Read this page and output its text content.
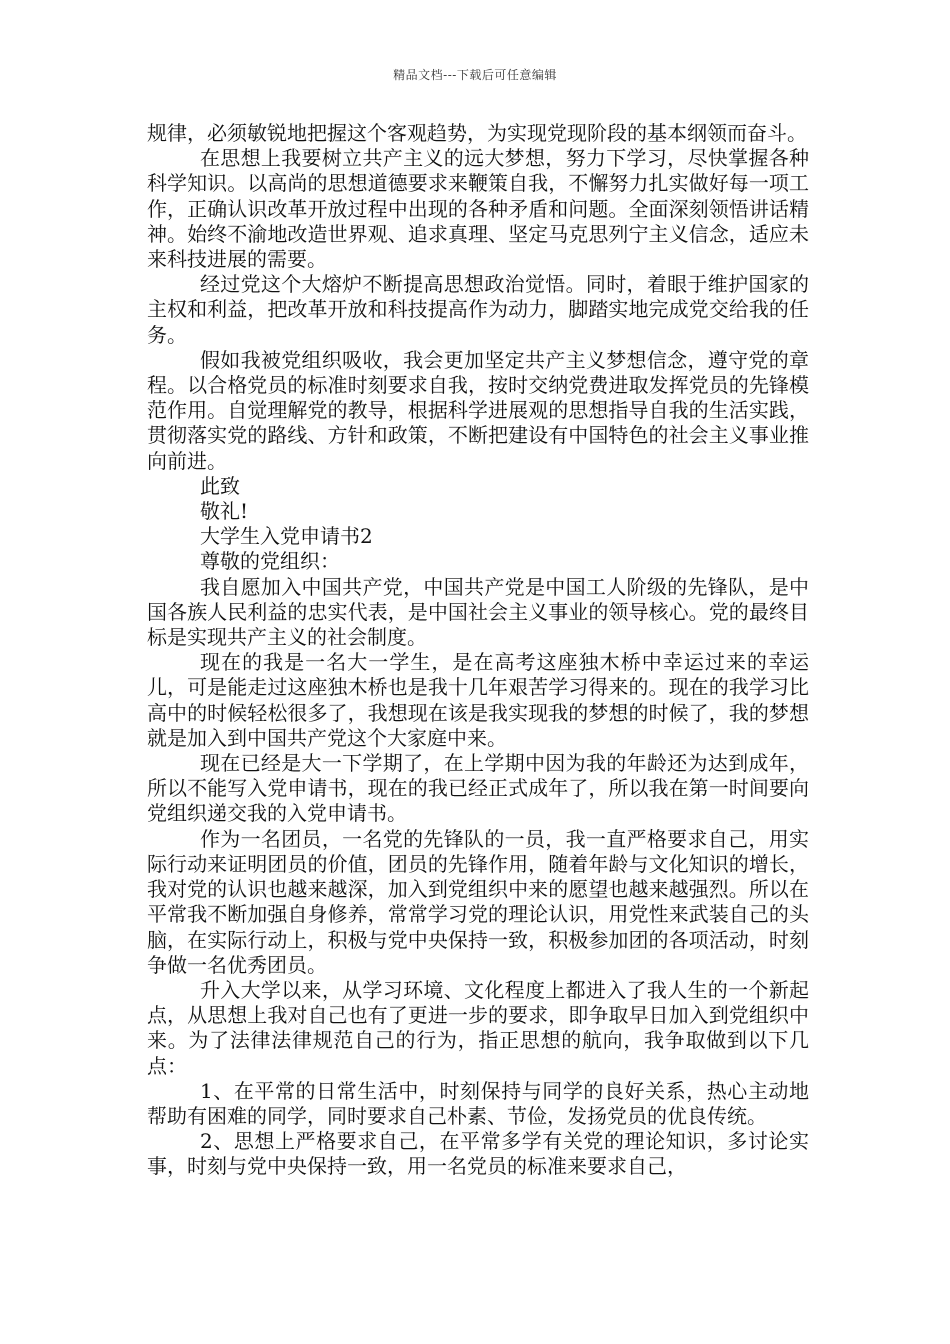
精品文档---下载后可任意编辑

规律，必须敏锐地把握这个客观趋势，为实现党现阶段的基本纲领而奋斗。

在思想上我要树立共产主义的远大梦想，努力下学习，尽快掌握各种科学知识。以高尚的思想道德要求来鞭策自我，不懈努力扎实做好每一项工作，正确认识改革开放过程中出现的各种矛盾和问题。全面深刻领悟讲话精神。始终不渝地改造世界观、追求真理、坚定马克思列宁主义信念，适应未来科技进展的需要。

经过党这个大熔炉不断提高思想政治觉悟。同时，着眼于维护国家的主权和利益，把改革开放和科技提高作为动力，脚踏实地完成党交给我的任务。

假如我被党组织吸收，我会更加坚定共产主义梦想信念，遵守党的章程。以合格党员的标准时刻要求自我，按时交纳党费进取发挥党员的先锋模范作用。自觉理解党的教导，根据科学进展观的思想指导自我的生活实践，贯彻落实党的路线、方针和政策，不断把建设有中国特色的社会主义事业推向前进。

此致

敬礼!

大学生入党申请书2

尊敬的党组织：

我自愿加入中国共产党，中国共产党是中国工人阶级的先锋队，是中国各族人民利益的忠实代表，是中国社会主义事业的领导核心。党的最终目标是实现共产主义的社会制度。

现在的我是一名大一学生，是在高考这座独木桥中幸运过来的幸运儿，可是能走过这座独木桥也是我十几年艰苦学习得来的。现在的我学习比高中的时候轻松很多了，我想现在该是我实现我的梦想的时候了，我的梦想就是加入到中国共产党这个大家庭中来。

现在已经是大一下学期了，在上学期中因为我的年龄还为达到成年，所以不能写入党申请书，现在的我已经正式成年了，所以我在第一时间要向党组织递交我的入党申请书。

作为一名团员，一名党的先锋队的一员，我一直严格要求自己，用实际行动来证明团员的价值，团员的先锋作用，随着年龄与文化知识的增长，我对党的认识也越来越深，加入到党组织中来的愿望也越来越强烈。所以在平常我不断加强自身修养，常常学习党的理论认识，用党性来武装自己的头脑，在实际行动上，积极与党中央保持一致，积极参加团的各项活动，时刻争做一名优秀团员。

升入大学以来，从学习环境、文化程度上都进入了我人生的一个新起点，从思想上我对自己也有了更进一步的要求，即争取早日加入到党组织中来。为了法律法律规范自己的行为，指正思想的航向，我争取做到以下几点：

1、在平常的日常生活中，时刻保持与同学的良好关系，热心主动地帮助有困难的同学，同时要求自己朴素、节俭，发扬党员的优良传统。

2、思想上严格要求自己，在平常多学有关党的理论知识，多讨论实事，时刻与党中央保持一致，用一名党员的标准来要求自己，
